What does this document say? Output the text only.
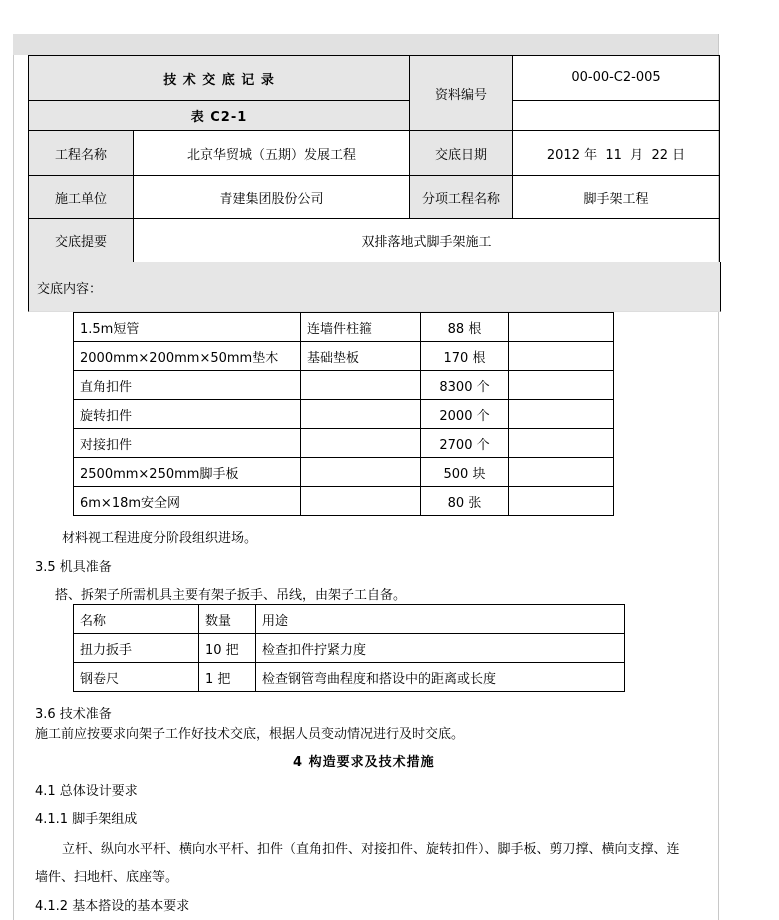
技 术 交 底 记 录		资料编号	00-00-C2-005
表 C2-1			
工程名称	北京华贸城（五期）发展工程	交底日期	2012 年  11  月  22 日
施工单位	青建集团股份公司	分项工程名称	脚手架工程
交底提要	双排落地式脚手架施工		
交底内容：
1.5m短管	连墙件柱箍	88 根	
2000mm×200mm×50mm垫木	基础垫板	170 根	
直角扣件		8300 个	
旋转扣件		2000 个	
对接扣件		2700 个	
2500mm×250mm脚手板		500 块	
6m×18m安全网		80 张	
材料视工程进度分阶段组织进场。
3.5 机具准备
搭、拆架子所需机具主要有架子扳手、吊线，由架子工自备。
名称	数量	用途
扭力扳手	10 把	检查扣件拧紧力度
钢卷尺	1 把	检查钢管弯曲程度和搭设中的距离或长度
3.6 技术准备
施工前应按要求向架子工作好技术交底，根据人员变动情况进行及时交底。
4 构造要求及技术措施
4.1 总体设计要求
4.1.1 脚手架组成
立杆、纵向水平杆、横向水平杆、扣件（直角扣件、对接扣件、旋转扣件）、脚手板、剪刀撑、横向支撑、连
墙件、扫地杆、底座等。
4.1.2 基本搭设的基本要求
